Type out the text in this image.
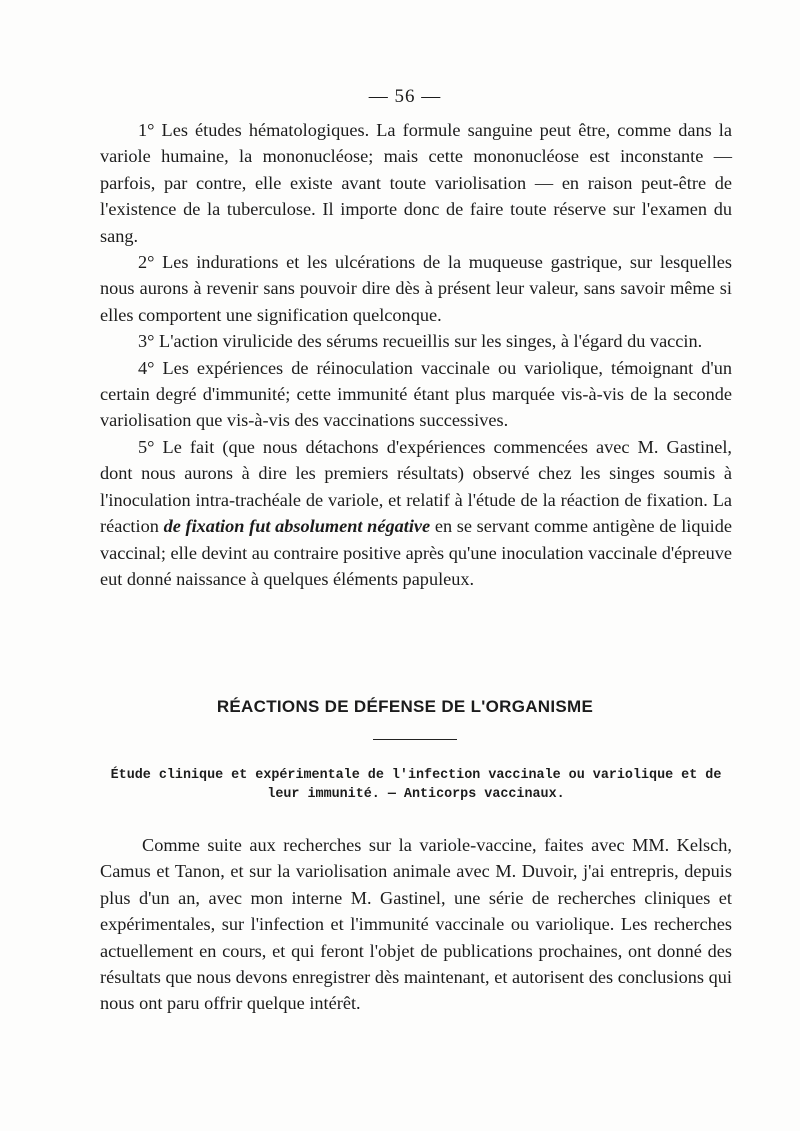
— 56 —

1° Les études hématologiques. La formule sanguine peut être, comme dans la variole humaine, la mononucléose; mais cette mononucléose est inconstante — parfois, par contre, elle existe avant toute variolisation — en raison peut-être de l'existence de la tuberculose. Il importe donc de faire toute réserve sur l'examen du sang.

2° Les indurations et les ulcérations de la muqueuse gastrique, sur lesquelles nous aurons à revenir sans pouvoir dire dès à présent leur valeur, sans savoir même si elles comportent une signification quelconque.

3° L'action virulicide des sérums recueillis sur les singes, à l'égard du vaccin.

4° Les expériences de réinoculation vaccinale ou variolique, témoignant d'un certain degré d'immunité; cette immunité étant plus marquée vis-à-vis de la seconde variolisation que vis-à-vis des vaccinations successives.

5° Le fait (que nous détachons d'expériences commencées avec M. Gastinel, dont nous aurons à dire les premiers résultats) observé chez les singes soumis à l'inoculation intra-trachéale de variole, et relatif à l'étude de la réaction de fixation. La réaction de fixation fut absolument négative en se servant comme antigène de liquide vaccinal; elle devint au contraire positive après qu'une inoculation vaccinale d'épreuve eut donné naissance à quelques éléments papuleux.

RÉACTIONS DE DÉFENSE DE L'ORGANISME
Étude clinique et expérimentale de l'infection vaccinale ou variolique et de leur immunité. — Anticorps vaccinaux.

Comme suite aux recherches sur la variole-vaccine, faites avec MM. Kelsch, Camus et Tanon, et sur la variolisation animale avec M. Duvoir, j'ai entrepris, depuis plus d'un an, avec mon interne M. Gastinel, une série de recherches cliniques et expérimentales, sur l'infection et l'immunité vaccinale ou variolique. Les recherches actuellement en cours, et qui feront l'objet de publications prochaines, ont donné des résultats que nous devons enregistrer dès maintenant, et autorisent des conclusions qui nous ont paru offrir quelque intérêt.
